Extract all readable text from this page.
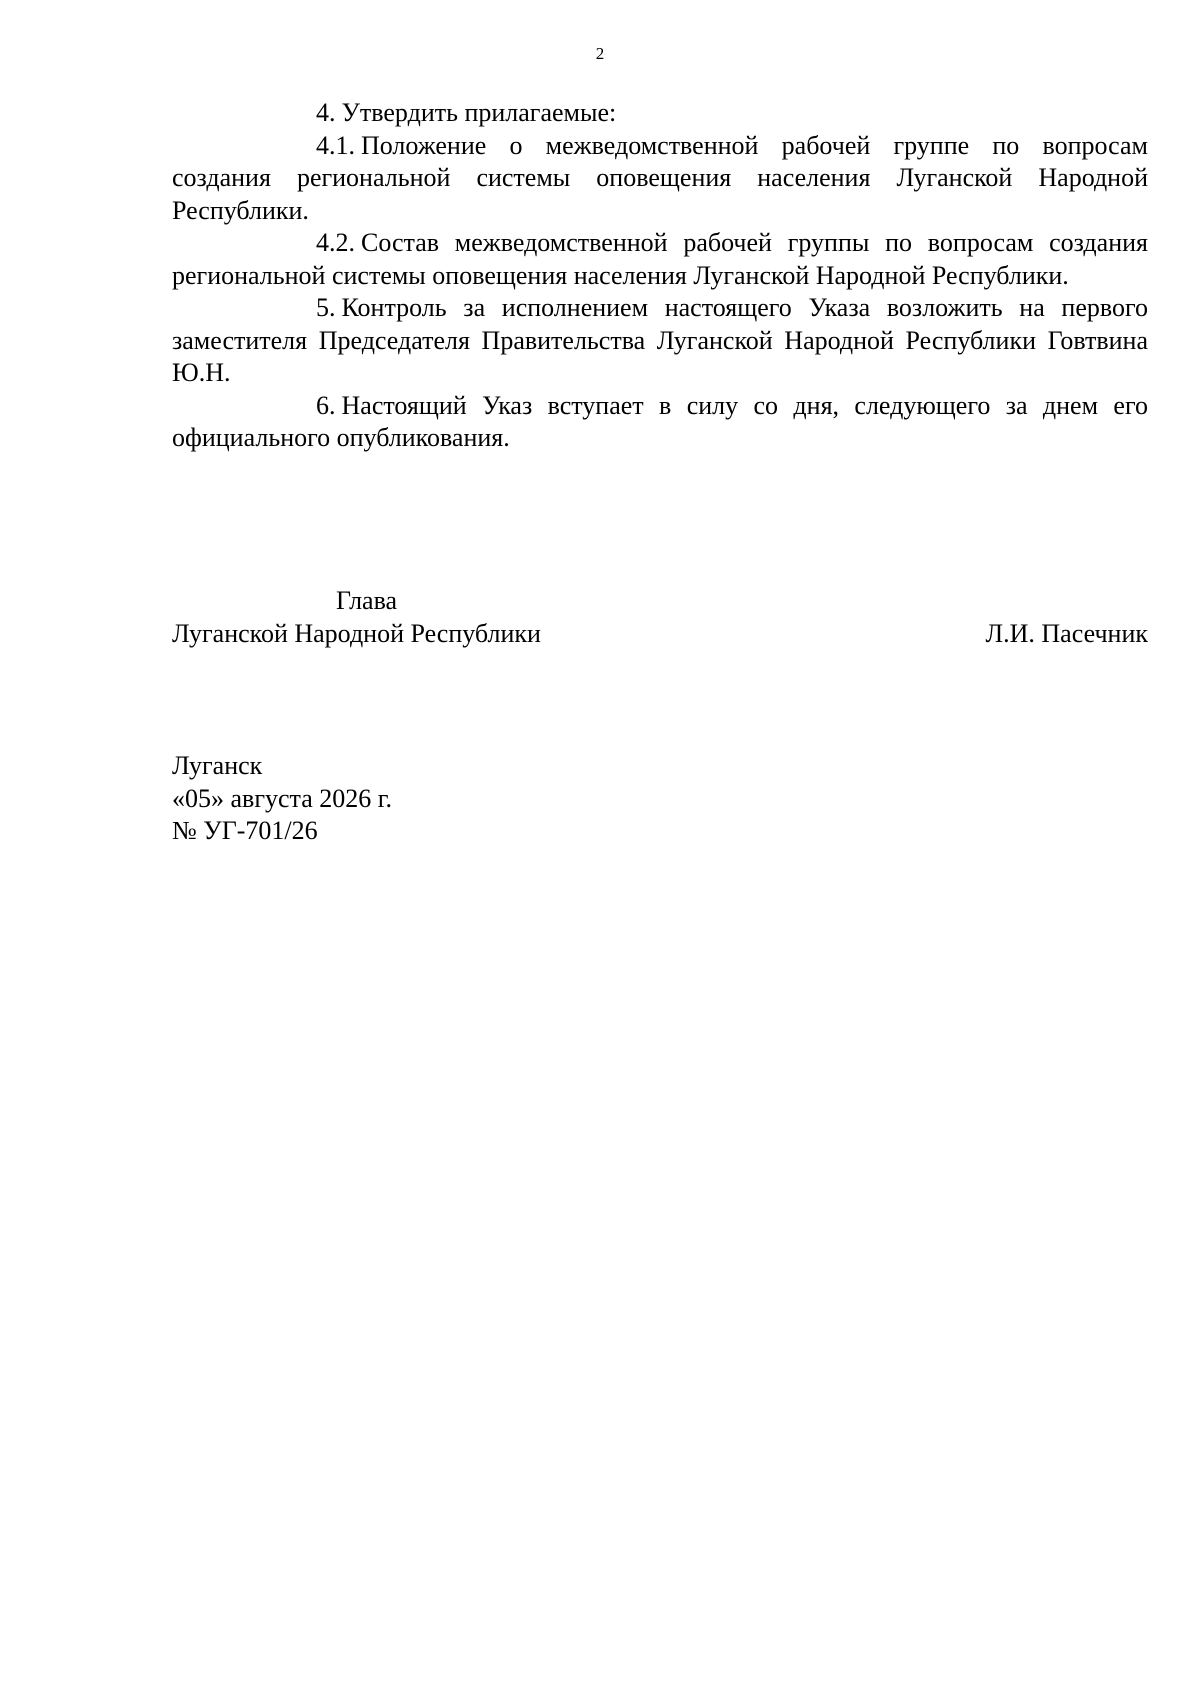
2

4. Утвердить прилагаемые:

4.1. Положение о межведомственной рабочей группе по вопросам создания региональной системы оповещения населения Луганской Народной Республики.

4.2. Состав межведомственной рабочей группы по вопросам создания региональной системы оповещения населения Луганской Народной Республики.

5. Контроль за исполнением настоящего Указа возложить на первого заместителя Председателя Правительства Луганской Народной Республики Говтвина Ю.Н.

6. Настоящий Указ вступает в силу со дня, следующего за днем его официального опубликования.

Глава
Луганской Народной Республики	Л.И. Пасечник
Луганск
«05» августа 2026 г.
№ УГ-701/26
